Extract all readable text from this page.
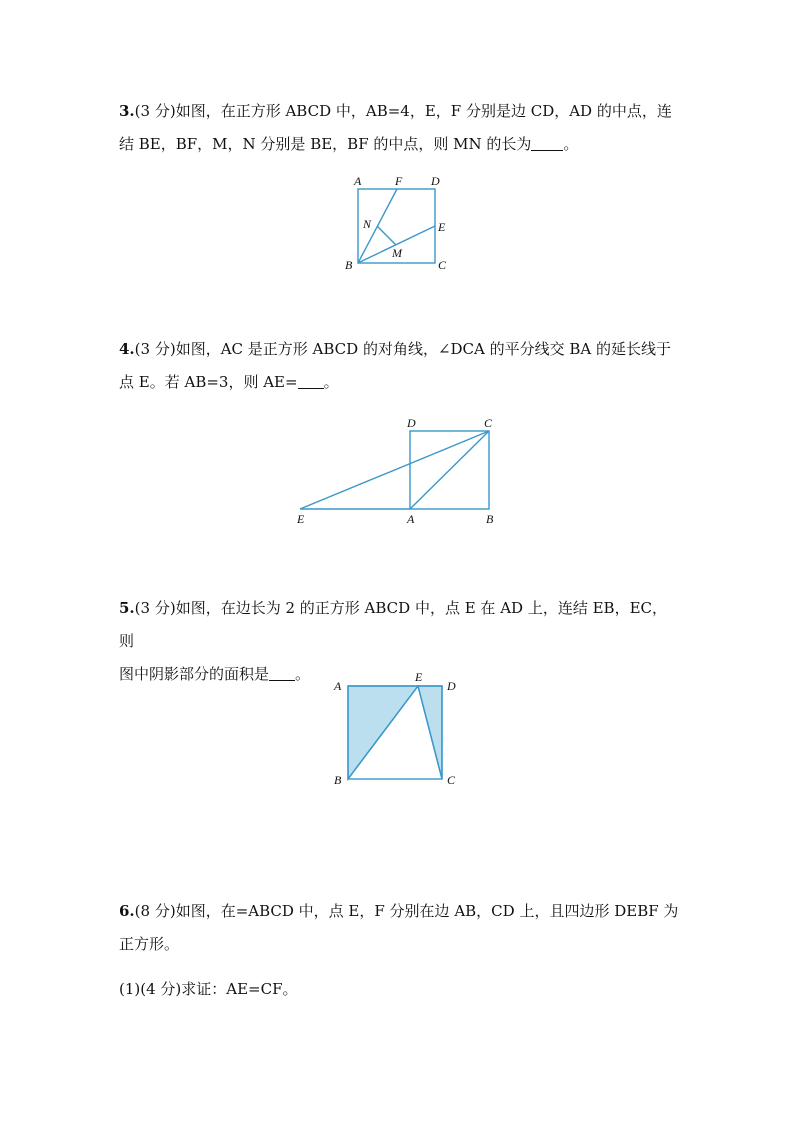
3.(3 分)如图，在正方形 ABCD 中，AB=4，E，F 分别是边 CD，AD 的中点，连

结 BE，BF，M，N 分别是 BE，BF 的中点，则 MN 的长为 。

A	F D
N	E
B
M
C

4.(3 分)如图，AC 是正方形 ABCD 的对角线，∠DCA 的平分线交 BA 的延长线于

点 E。若 AB=3，则 AE= 。

D	C
E	A	B

5.(3 分)如图，在边长为 2 的正方形 ABCD 中，点 E 在 AD 上，连结 EB，EC，则

图中阴影部分的面积是 。

A
E
D
B	C

6.(8 分)如图，在=ABCD 中，点 E，F 分别在边 AB，CD 上，且四边形 DEBF 为

正方形。

(1)(4 分)求证：AE=CF。
